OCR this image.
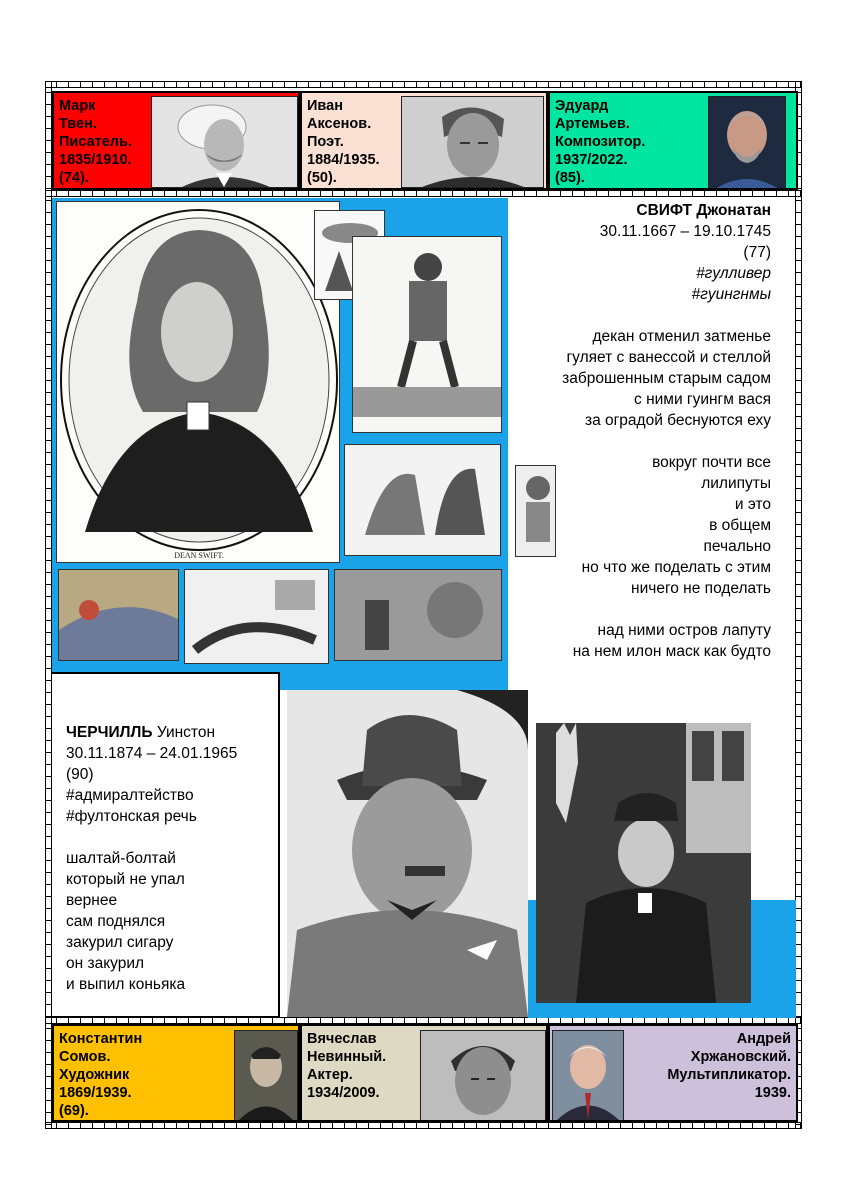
Марк
Твен.
Писатель.
1835/1910.
(74).
Иван
Аксенов.
Поэт.
1884/1935.
(50).
Эдуард
Артемьев.
Композитор.
1937/2022.
(85).
DEAN SWIFT.

СВИФТ Джонатан

30.11.1667 – 19.10.1745

(77)

#гулливер

#гуингнмы

декан отменил затменье

гуляет с ванессой и стеллой

заброшенным старым садом

с ними гуингм вася

за оградой беснуются еху

вокруг почти все

лилипуты

и это

в общем

печально

но что же поделать с этим

ничего не поделать

над ними остров лапуту

на нем илон маск как будто

ЧЕРЧИЛЛЬ Уинстон

30.11.1874 – 24.01.1965

(90)

#адмиралтейство

#фултонская речь

шалтай-болтай

который не упал

вернее

сам поднялся

закурил сигару

он закурил

и выпил коньяка

Константин
Сомов.
Художник
1869/1939.
(69).
Вячеслав
Невинный.
Актер.
1934/2009.
Андрей
Хржановский.
Мультипликатор.
1939.
